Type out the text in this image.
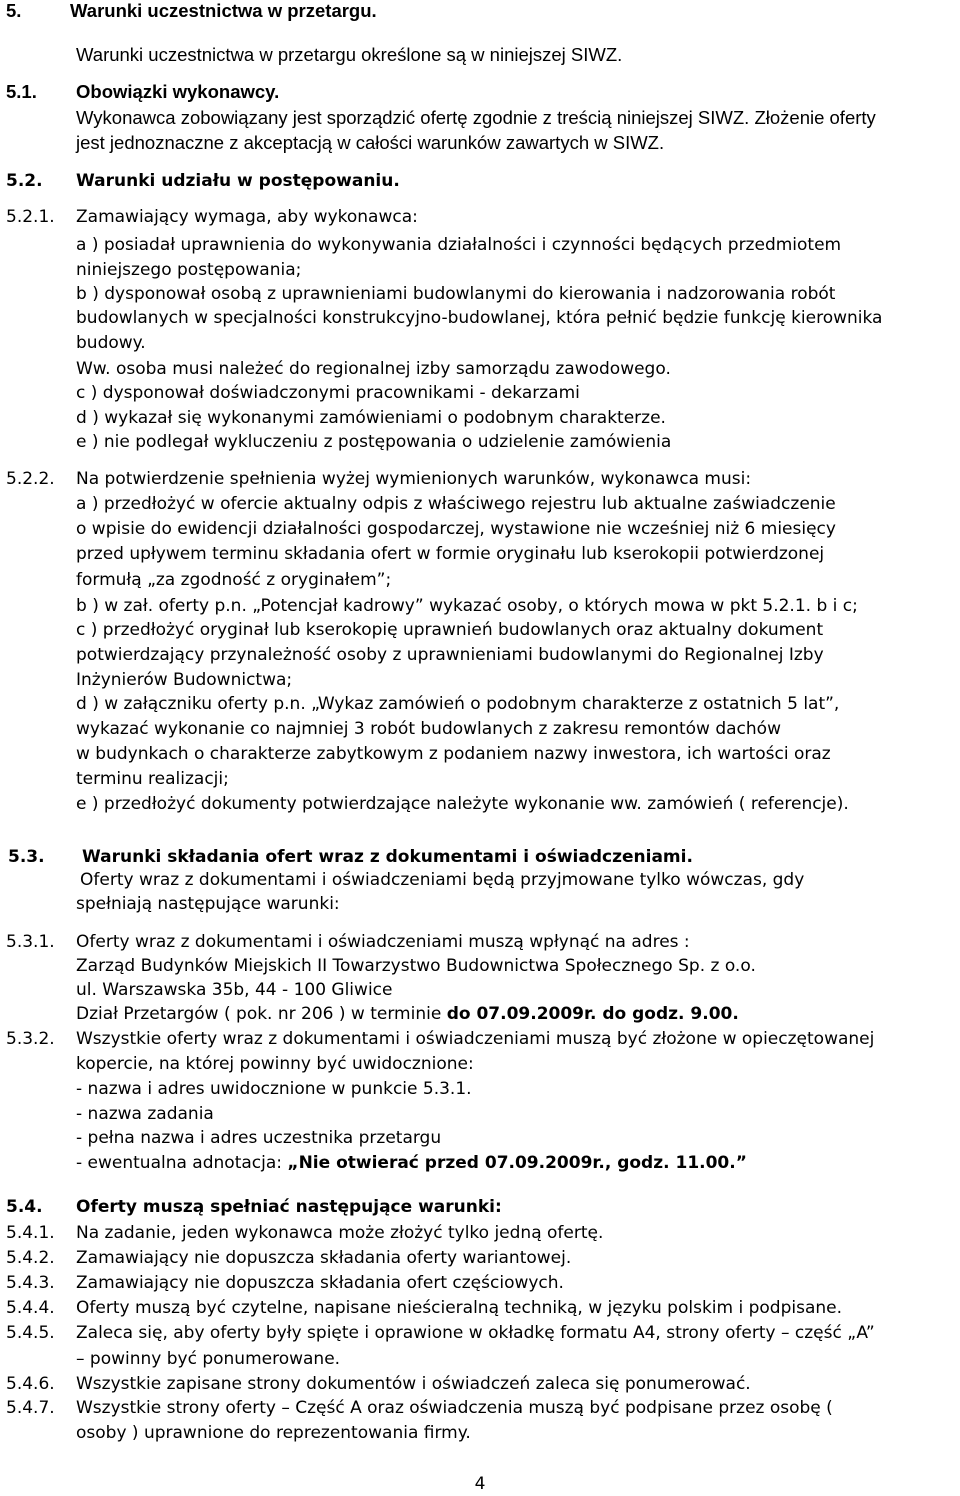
5.	Warunki uczestnictwa w przetargu.
Warunki uczestnictwa w przetargu określone są w niniejszej SIWZ.
5.1. Obowiązki wykonawcy.
Wykonawca zobowiązany jest sporządzić ofertę zgodnie z treścią niniejszej SIWZ. Złożenie oferty
jest jednoznaczne z akceptacją w całości warunków zawartych w SIWZ.
5.2. Warunki udziału w postępowaniu.
5.2.1. Zamawiający wymaga, aby wykonawca:
a ) posiadał uprawnienia do wykonywania działalności i czynności będących przedmiotem
niniejszego postępowania;
b ) dysponował osobą z uprawnieniami budowlanymi do kierowania i nadzorowania robót
budowlanych w specjalności konstrukcyjno-budowlanej, która pełnić będzie funkcję kierownika
budowy.
Ww. osoba musi należeć do regionalnej izby samorządu zawodowego.
c ) dysponował doświadczonymi pracownikami - dekarzami
d ) wykazał się wykonanymi zamówieniami o podobnym charakterze.
e ) nie podlegał wykluczeniu z postępowania o udzielenie zamówienia
5.2.2. Na potwierdzenie spełnienia wyżej wymienionych warunków, wykonawca musi:
a ) przedłożyć w ofercie aktualny odpis z właściwego rejestru lub aktualne zaświadczenie
o wpisie do ewidencji działalności gospodarczej, wystawione nie wcześniej niż 6 miesięcy
przed upływem terminu składania ofert w formie oryginału lub kserokopii potwierdzonej
formułą „za zgodność z oryginałem”;
b ) w zał. oferty p.n. „Potencjał kadrowy” wykazać osoby, o których mowa w pkt 5.2.1. b i c;
c ) przedłożyć oryginał lub kserokopię uprawnień budowlanych oraz aktualny dokument
potwierdzający przynależność osoby z uprawnieniami budowlanymi do Regionalnej Izby
Inżynierów Budownictwa;
d ) w załączniku oferty p.n. „Wykaz zamówień o podobnym charakterze z ostatnich 5 lat”,
wykazać wykonanie co najmniej 3 robót budowlanych z zakresu remontów dachów
w budynkach o charakterze zabytkowym z podaniem nazwy inwestora, ich wartości oraz
terminu realizacji;
e ) przedłożyć dokumenty potwierdzające należyte wykonanie ww. zamówień ( referencje).
5.3. Warunki składania ofert wraz z dokumentami i oświadczeniami.
Oferty wraz z dokumentami i oświadczeniami będą przyjmowane tylko wówczas, gdy
spełniają następujące warunki:
5.3.1. Oferty wraz z dokumentami i oświadczeniami muszą wpłynąć na adres :
Zarząd Budynków Miejskich II Towarzystwo Budownictwa Społecznego Sp. z o.o.
ul. Warszawska 35b, 44 - 100 Gliwice
Dział Przetargów ( pok. nr 206 ) w terminie do 07.09.2009r. do godz. 9.00.
5.3.2. Wszystkie oferty wraz z dokumentami i oświadczeniami muszą być złożone w opieczętowanej
kopercie, na której powinny być uwidocznione:
- nazwa i adres uwidocznione w punkcie 5.3.1.
- nazwa zadania
- pełna nazwa i adres uczestnika przetargu
- ewentualna adnotacja: „Nie otwierać przed 07.09.2009r., godz. 11.00.”
5.4. Oferty muszą spełniać następujące warunki:
5.4.1. Na zadanie, jeden wykonawca może złożyć tylko jedną ofertę.
5.4.2. Zamawiający nie dopuszcza składania oferty wariantowej.
5.4.3. Zamawiający nie dopuszcza składania ofert częściowych.
5.4.4. Oferty muszą być czytelne, napisane nieścieralną techniką, w języku polskim i podpisane.
5.4.5. Zaleca się, aby oferty były spięte i oprawione w okładkę formatu A4, strony oferty – część „A”
– powinny być ponumerowane.
5.4.6. Wszystkie zapisane strony dokumentów i oświadczeń zaleca się ponumerować.
5.4.7. Wszystkie strony oferty – Część A oraz oświadczenia muszą być podpisane przez osobę (
osoby ) uprawnione do reprezentowania firmy.
4
